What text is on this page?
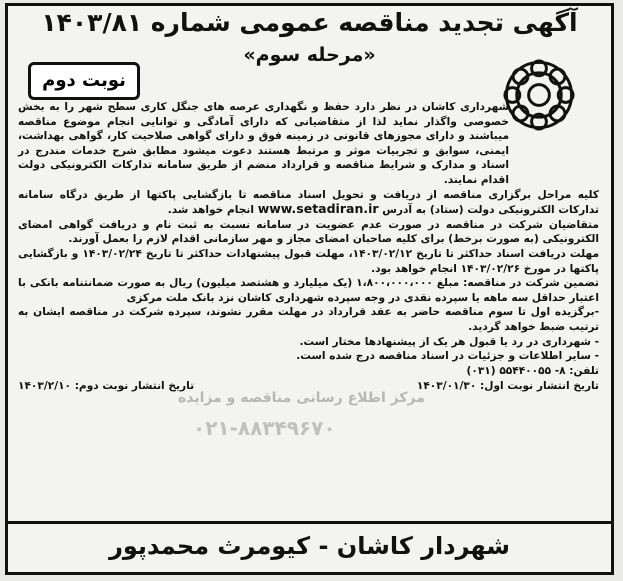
آگهی تجدید مناقصه عمومی شماره ۱۴۰۳/۸۱
«مرحله سوم»
نوبت دوم

شهرداری کاشان در نظر دارد حفظ و نگهداری عرصه های جنگل کاری سطح شهر را به بخش خصوصی واگذار نماید لذا از متقاضیانی که دارای آمادگی و توانایی انجام موضوع مناقصه میباشند و دارای مجوزهای قانونی در زمینه فوق و دارای گواهی صلاحیت کار، گواهی بهداشت، ایمنی، سوابق و تجربیات موثر و مرتبط هستند دعوت میشود مطابق شرح خدمات مندرج در اسناد و مدارک و شرایط مناقصه و قرارداد منضم از طریق سامانه تدارکات الکترونیکی دولت اقدام نمایند.

کلیه مراحل برگزاری مناقصه از دریافت و تحویل اسناد مناقصه تا بازگشایی پاکتها از طریق درگاه سامانه تدارکات الکترونیکی دولت (ستاد) به آدرس www.setadiran.ir انجام خواهد شد.

متقاضیان شرکت در مناقصه در صورت عدم عضویت در سامانه نسبت به ثبت نام و دریافت گواهی امضای الکترونیکی (به صورت برخط) برای کلیه صاحبان امضای مجاز و مهر سازمانی اقدام لازم را بعمل آورند.

مهلت دریافت اسناد حداکثر تا تاریخ ۱۴۰۳/۰۲/۱۲، مهلت قبول پیشنهادات حداکثر تا تاریخ ۱۴۰۳/۰۲/۲۴ و بازگشایی پاکتها در مورخ ۱۴۰۳/۰۲/۲۶ انجام خواهد بود.

تضمین شرکت در مناقصه: مبلغ ۱،۸۰۰،۰۰۰،۰۰۰ (یک میلیارد و هشتصد میلیون) ریال به صورت ضمانتنامه بانکی با اعتبار حداقل سه ماهه یا سپرده نقدی در وجه سپرده شهرداری کاشان نزد بانک ملت مرکزی

-برگزیده اول تا سوم مناقصه حاضر به عقد قرارداد در مهلت مقرر نشوند، سپرده شرکت در مناقصه ایشان به ترتیب ضبط خواهد گردید.

- شهرداری در رد یا قبول هر یک از پیشنهادها مختار است.

- سایر اطلاعات و جزئیات در اسناد مناقصه درج شده است.

تلفن: ۸- ۵۵۴۴۰۰۵۵ (۰۳۱)

تاریخ انتشار نوبت اول: ۱۴۰۳/۰۱/۳۰
تاریخ انتشار نوبت دوم: ۱۴۰۳/۲/۱۰
مرکز اطلاع رسانی مناقصه و مزایده
۰۲۱-۸۸۳۴۹۶۷۰
شهردار کاشان - کیومرث محمدپور
